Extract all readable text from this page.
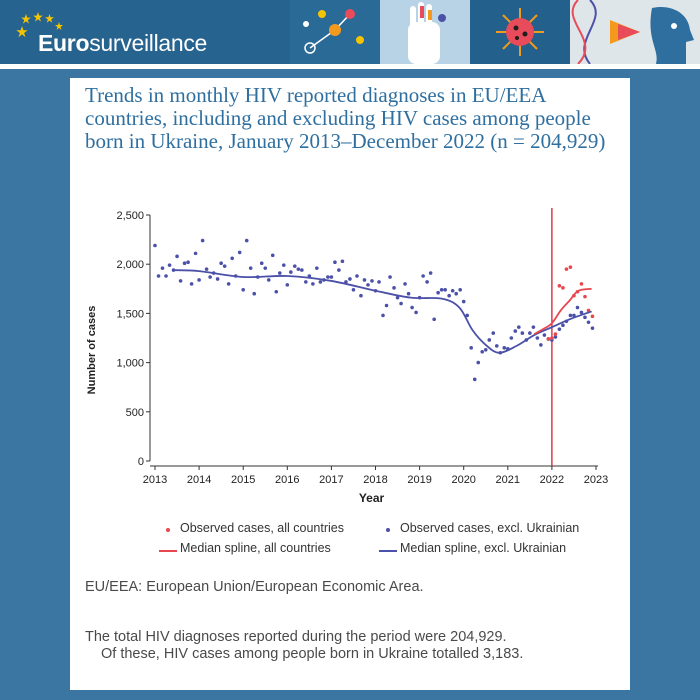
Eurosurveillance
Trends in monthly HIV reported diagnoses in EU/EEA countries, including and excluding HIV cases among people born in Ukraine, January 2013–December 2022 (n = 204,929)
0
500
1,000
1,500
2,000
2,500
2013 2014 2015 2016 2017 2018 2019 2020 2021 2022 2023
Year
Number of cases
Observed cases, all countries	Observed cases, excl. Ukrainian
Median spline, all countries	Median spline, excl. Ukrainian
EU/EEA: European Union/European Economic Area.
The total HIV diagnoses reported during the period were 204,929.
Of these, HIV cases among people born in Ukraine totalled 3,183.
